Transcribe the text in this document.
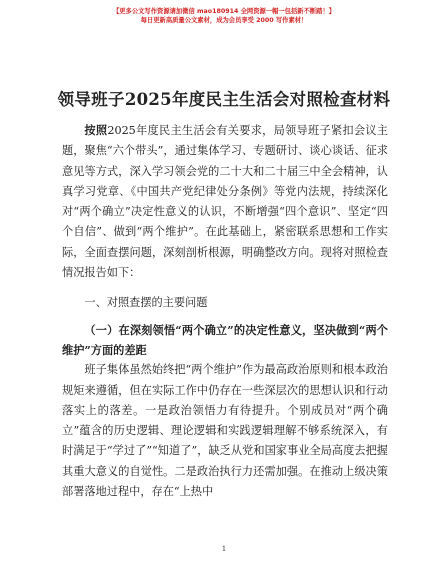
【更多公文写作资源请加微信 mao180914 全网资源一帽一包括新不断踏！】
每日更新高质量公文素材，成为会员享受 2000 写作素材！
领导班子2025年度民主生活会对照检查材料

按照2025年度民主生活会有关要求，局领导班子紧扣会议主题，聚焦“六个带头”，通过集体学习、专题研讨、谈心谈话、征求意见等方式，深入学习领会党的二十大和二十届三中全会精神，认真学习党章、《中国共产党纪律处分条例》等党内法规，持续深化对“两个确立”决定性意义的认识，不断增强“四个意识”、坚定“四个自信”、做到“两个维护”。在此基础上，紧密联系思想和工作实际，全面查摆问题，深刻剖析根源，明确整改方向。现将对照检查情况报告如下：

一、对照查摆的主要问题

（一）在深刻领悟“两个确立”的决定性意义，坚决做到“两个维护”方面的差距

班子集体虽然始终把“两个维护”作为最高政治原则和根本政治规矩来遵循，但在实际工作中仍存在一些深层次的思想认识和行动落实上的落差。一是政治领悟力有待提升。个别成员对“两个确立”蕴含的历史逻辑、理论逻辑和实践逻辑理解不够系统深入，有时满足于“学过了”“知道了”，缺乏从党和国家事业全局高度去把握其重大意义的自觉性。二是政治执行力还需加强。在推动上级决策部署落地过程中，存在“上热中

1
